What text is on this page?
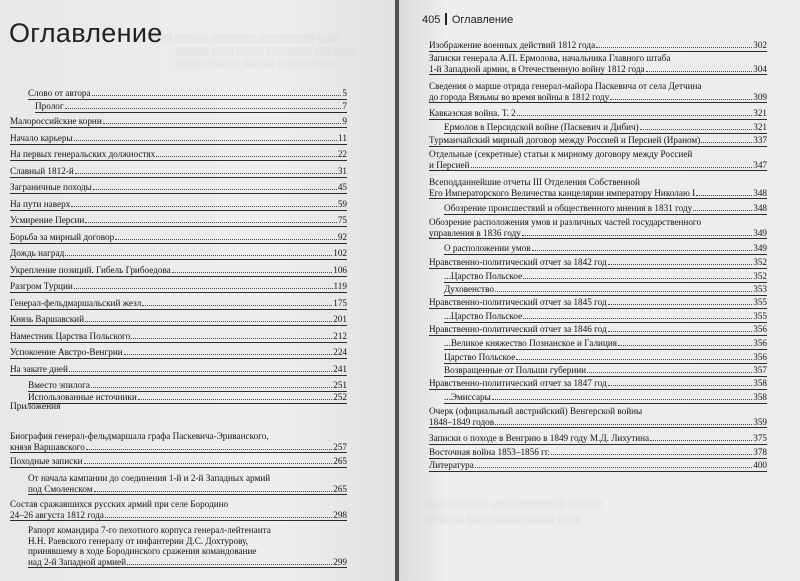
░░░░ ░░░░░░ ░░░░░░░░ ░░░░░░░░░░ ░░░░
░░░░░░ ░░░░ ░░░░░ ░░░░░░░░ ░░░ ░░░░
░░░░░ ░░░░░░ ░░░░░░ ░░░░░ ░░░░░
Оглавление
Слово от автора	5
Пролог	7
Малороссийские корни	9
Начало карьеры	11
На первых генеральских должностях	22
Славный 1812-й	31
Заграничные походы	45
На пути наверх	59
Усмирение Персии	75
Борьба за мирный договор	92
Дождь наград	102
Укрепление позиций. Гибель Грибоедова	106
Разгром Турции	119
Генерал-фельдмаршальский жезл	175
Князь Варшавский	201
Наместник Царства Польского	212
Успокоение Австро-Венгрии	224
На закате дней	241
Вместо эпилога	251
Использованные источники	252
Биография генерал-фельдмаршала графа Паскевича-Эриванского,
князя Варшавского	257
Походные записки	265
От начала кампании до соединения 1-й и 2-й Западных армий
под Смоленском	265
Состав сражавшихся русских армий при селе Бородино
24–26 августа 1812 года	298
Рапорт командира 7-го пехотного корпуса генерал-лейтенанта
Н.Н. Раевского генералу от инфантерии Д.С. Дохтурову,
принявшему в ходе Бородинского сражения командование
над 2-й Западной армией	299
Приложения
405 Оглавление
░░░░ ░░░░░░░ ░░░░ ░░░░░░░░░ ░░░░░░
░░░░░░░ ░░░░ ░░░░░░ ░░░░░ ░░░░
Изображение военных действий 1812 года	302
Записки генерала А.П. Ермолова, начальника Главного штаба
1-й Западной армии, в Отечественную войну 1812 года	304
Сведения о марше отряда генерал-майора Паскевича от села Детчина
до города Вязьмы во время войны в 1812 году	309
Кавказская война. Т. 2	321
Ермолов в Персидской войне (Паскевич и Дибич)	321
Турманчайский мирный договор между Россией и Персией (Ираном)	337
Отдельные (секретные) статьи к мирному договору между Россией
и Персией	347
Всеподданнейшие отчеты III Отделения Собственной
Его Императорского Величества канцелярии императору Николаю I	348
Обозрение происшествий и общественного мнения в 1831 году	348
Обозрение расположения умов и различных частей государственного
управления в 1836 году	349
О расположении умов	349
Нравственно-политический отчет за 1842 год	352
...Царство Польское	352
Духовенство	353
Нравственно-политический отчет за 1845 год	355
...Царство Польское	355
Нравственно-политический отчет за 1846 год	356
...Великое княжество Познанское и Галиция	356
Царство Польское	356
Возвращенные от Польши губернии	357
Нравственно-политический отчет за 1847 год	358
...Эмиссары	358
Очерк (официальный австрийский) Венгерской войны
1848–1849 годов	359
Записки о походе в Венгрию в 1849 году М.Д. Лихутина	375
Восточная война 1853–1856 гг.	378
Литература	400
